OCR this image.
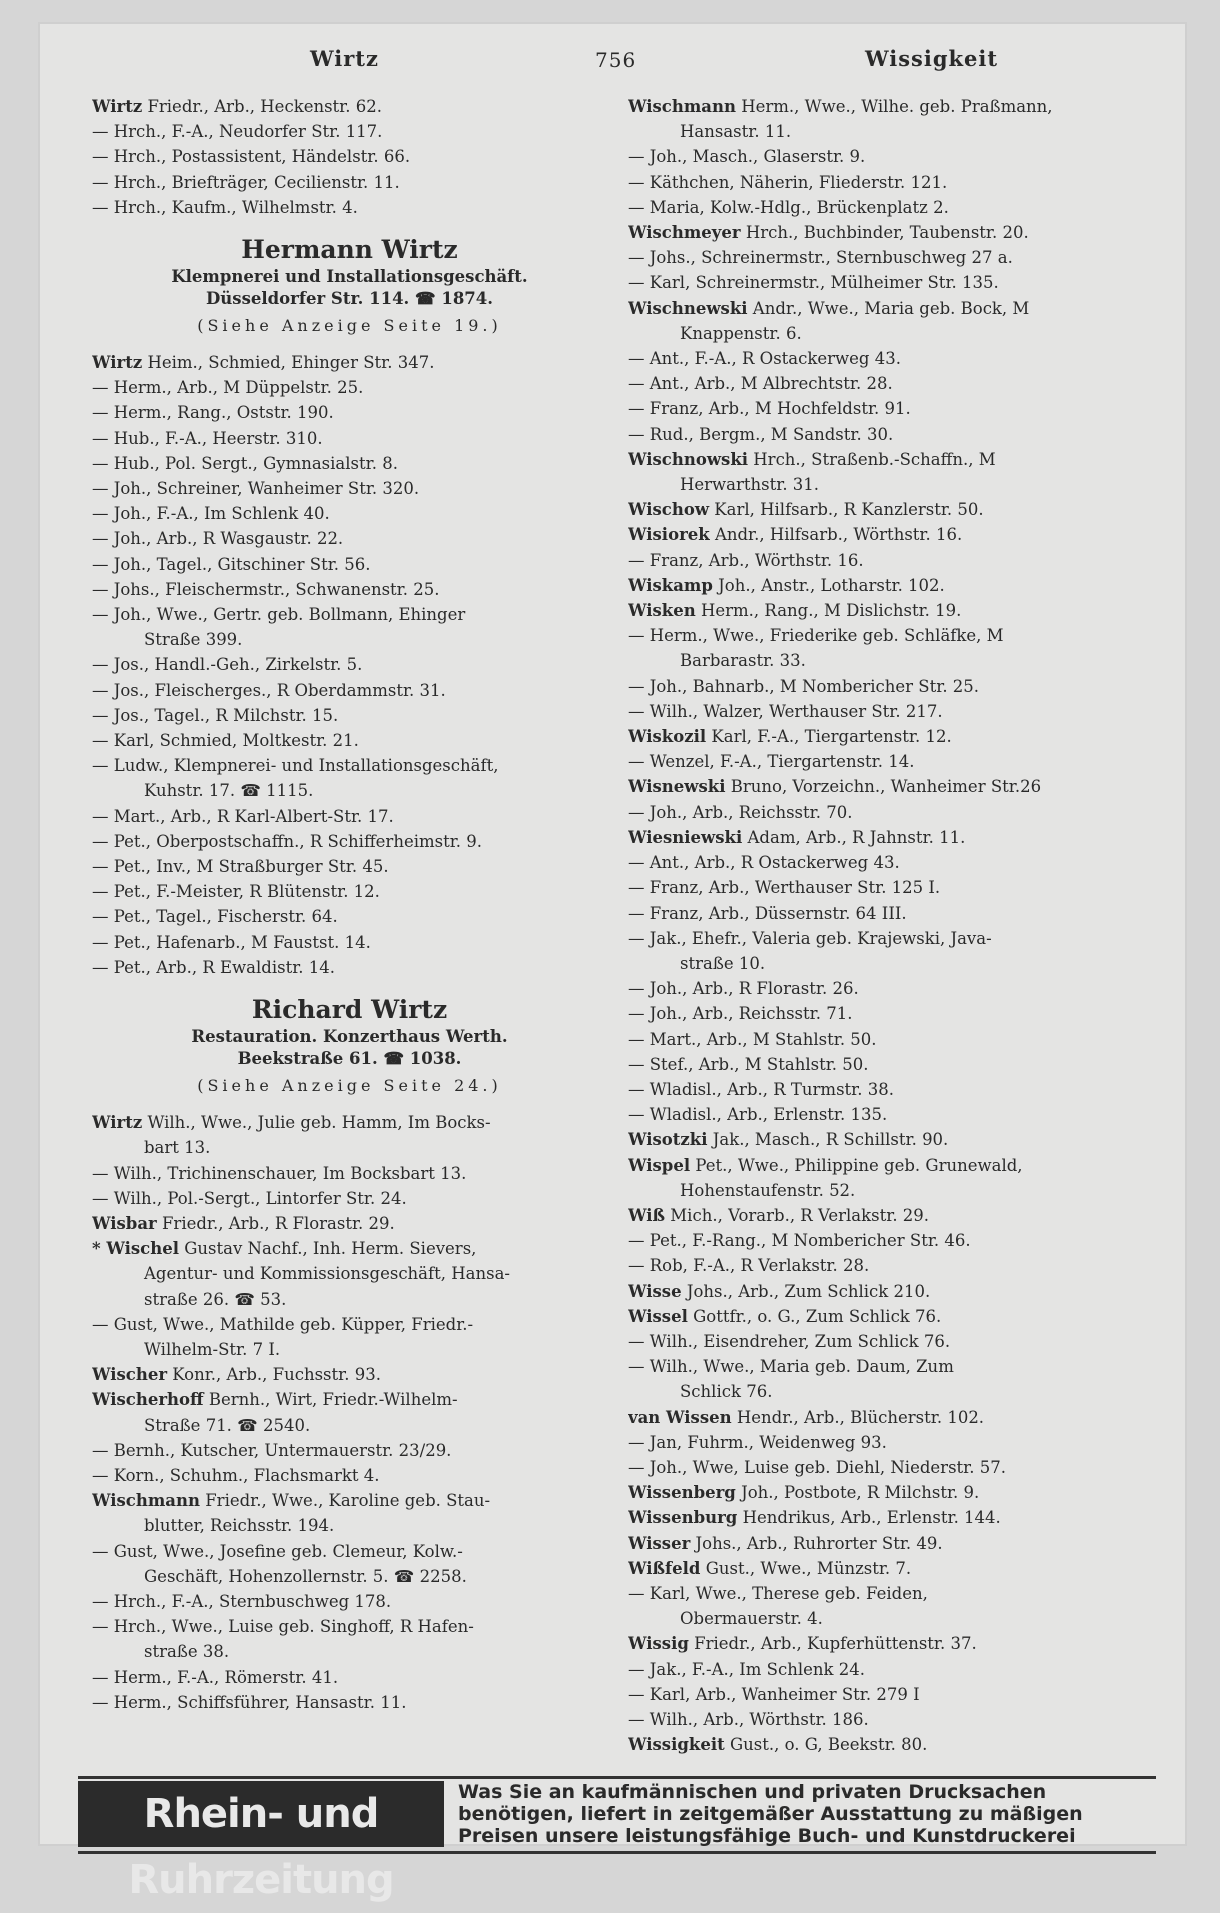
Wirtz	756	Wissigkeit
Wirtz Friedr., Arb., Heckenstr. 62.
— Hrch., F.-A., Neudorfer Str. 117.
— Hrch., Postassistent, Händelstr. 66.
— Hrch., Briefträger, Cecilienstr. 11.
— Hrch., Kaufm., Wilhelmstr. 4.
Hermann Wirtz
Klempnerei und Installationsgeschäft.
Düsseldorfer Str. 114. ☎ 1874.
(Siehe Anzeige Seite 19.)
Wirtz Heim., Schmied, Ehinger Str. 347.
— Herm., Arb., M Düppelstr. 25.
— Herm., Rang., Oststr. 190.
— Hub., F.-A., Heerstr. 310.
— Hub., Pol. Sergt., Gymnasialstr. 8.
— Joh., Schreiner, Wanheimer Str. 320.
— Joh., F.-A., Im Schlenk 40.
— Joh., Arb., R Wasgaustr. 22.
— Joh., Tagel., Gitschiner Str. 56.
— Johs., Fleischermstr., Schwanenstr. 25.
— Joh., Wwe., Gertr. geb. Bollmann, Ehinger
Straße 399.
— Jos., Handl.-Geh., Zirkelstr. 5.
— Jos., Fleischerges., R Oberdammstr. 31.
— Jos., Tagel., R Milchstr. 15.
— Karl, Schmied, Moltkestr. 21.
— Ludw., Klempnerei- und Installationsgeschäft,
Kuhstr. 17. ☎ 1115.
— Mart., Arb., R Karl-Albert-Str. 17.
— Pet., Oberpostschaffn., R Schifferheimstr. 9.
— Pet., Inv., M Straßburger Str. 45.
— Pet., F.-Meister, R Blütenstr. 12.
— Pet., Tagel., Fischerstr. 64.
— Pet., Hafenarb., M Faustst. 14.
— Pet., Arb., R Ewaldistr. 14.
Richard Wirtz
Restauration. Konzerthaus Werth.
Beekstraße 61. ☎ 1038.
(Siehe Anzeige Seite 24.)
Wirtz Wilh., Wwe., Julie geb. Hamm, Im Bocks-
bart 13.
— Wilh., Trichinenschauer, Im Bocksbart 13.
— Wilh., Pol.-Sergt., Lintorfer Str. 24.
Wisbar Friedr., Arb., R Florastr. 29.
* Wischel Gustav Nachf., Inh. Herm. Sievers,
Agentur- und Kommissionsgeschäft, Hansa-
straße 26. ☎ 53.
— Gust, Wwe., Mathilde geb. Küpper, Friedr.-
Wilhelm-Str. 7 I.
Wischer Konr., Arb., Fuchsstr. 93.
Wischerhoff Bernh., Wirt, Friedr.-Wilhelm-
Straße 71. ☎ 2540.
— Bernh., Kutscher, Untermauerstr. 23/29.
— Korn., Schuhm., Flachsmarkt 4.
Wischmann Friedr., Wwe., Karoline geb. Stau-
blutter, Reichsstr. 194.
— Gust, Wwe., Josefine geb. Clemeur, Kolw.-
Geschäft, Hohenzollernstr. 5. ☎ 2258.
— Hrch., F.-A., Sternbuschweg 178.
— Hrch., Wwe., Luise geb. Singhoff, R Hafen-
straße 38.
— Herm., F.-A., Römerstr. 41.
— Herm., Schiffsführer, Hansastr. 11.
Wischmann Herm., Wwe., Wilhe. geb. Praßmann,
Hansastr. 11.
— Joh., Masch., Glaserstr. 9.
— Käthchen, Näherin, Fliederstr. 121.
— Maria, Kolw.-Hdlg., Brückenplatz 2.
Wischmeyer Hrch., Buchbinder, Taubenstr. 20.
— Johs., Schreinermstr., Sternbuschweg 27 a.
— Karl, Schreinermstr., Mülheimer Str. 135.
Wischnewski Andr., Wwe., Maria geb. Bock, M
Knappenstr. 6.
— Ant., F.-A., R Ostackerweg 43.
— Ant., Arb., M Albrechtstr. 28.
— Franz, Arb., M Hochfeldstr. 91.
— Rud., Bergm., M Sandstr. 30.
Wischnowski Hrch., Straßenb.-Schaffn., M
Herwarthstr. 31.
Wischow Karl, Hilfsarb., R Kanzlerstr. 50.
Wisiorek Andr., Hilfsarb., Wörthstr. 16.
— Franz, Arb., Wörthstr. 16.
Wiskamp Joh., Anstr., Lotharstr. 102.
Wisken Herm., Rang., M Dislichstr. 19.
— Herm., Wwe., Friederike geb. Schläfke, M
Barbarastr. 33.
— Joh., Bahnarb., M Nomberichеr Str. 25.
— Wilh., Walzer, Werthauser Str. 217.
Wiskozil Karl, F.-A., Tiergartenstr. 12.
— Wenzel, F.-A., Tiergartenstr. 14.
Wisnewski Bruno, Vorzeichn., Wanheimer Str.26
— Joh., Arb., Reichsstr. 70.
Wiesniewski Adam, Arb., R Jahnstr. 11.
— Ant., Arb., R Ostackerweg 43.
— Franz, Arb., Werthauser Str. 125 I.
— Franz, Arb., Düssernstr. 64 III.
— Jak., Ehefr., Valeria geb. Krajewski, Java-
straße 10.
— Joh., Arb., R Florastr. 26.
— Joh., Arb., Reichsstr. 71.
— Mart., Arb., M Stahlstr. 50.
— Stef., Arb., M Stahlstr. 50.
— Wladisl., Arb., R Turmstr. 38.
— Wladisl., Arb., Erlenstr. 135.
Wisotzki Jak., Masch., R Schillstr. 90.
Wispel Pet., Wwe., Philippine geb. Grunewald,
Hohenstaufenstr. 52.
Wiß Mich., Vorarb., R Verlakstr. 29.
— Pet., F.-Rang., M Nomberichеr Str. 46.
— Rob, F.-A., R Verlakstr. 28.
Wisse Johs., Arb., Zum Schlick 210.
Wissel Gottfr., o. G., Zum Schlick 76.
— Wilh., Eisendreher, Zum Schlick 76.
— Wilh., Wwe., Maria geb. Daum, Zum
Schlick 76.
van Wissen Hendr., Arb., Blücherstr. 102.
— Jan, Fuhrm., Weidenweg 93.
— Joh., Wwe, Luise geb. Diehl, Niederstr. 57.
Wissenberg Joh., Postbote, R Milchstr. 9.
Wissenburg Hendrikus, Arb., Erlenstr. 144.
Wisser Johs., Arb., Ruhrorter Str. 49.
Wißfeld Gust., Wwe., Münzstr. 7.
— Karl, Wwe., Therese geb. Feiden,
Obermauerstr. 4.
Wissig Friedr., Arb., Kupferhüttenstr. 37.
— Jak., F.-A., Im Schlenk 24.
— Karl, Arb., Wanheimer Str. 279 I
— Wilh., Arb., Wörthstr. 186.
Wissigkeit Gust., o. G, Beekstr. 80.
Rhein- und Ruhrzeitung
Was Sie an kaufmännischen und privaten Drucksachen
benötigen, liefert in zeitgemäßer Ausstattung zu mäßigen
Preisen unsere leistungsfähige Buch- und Kunstdruckerei
